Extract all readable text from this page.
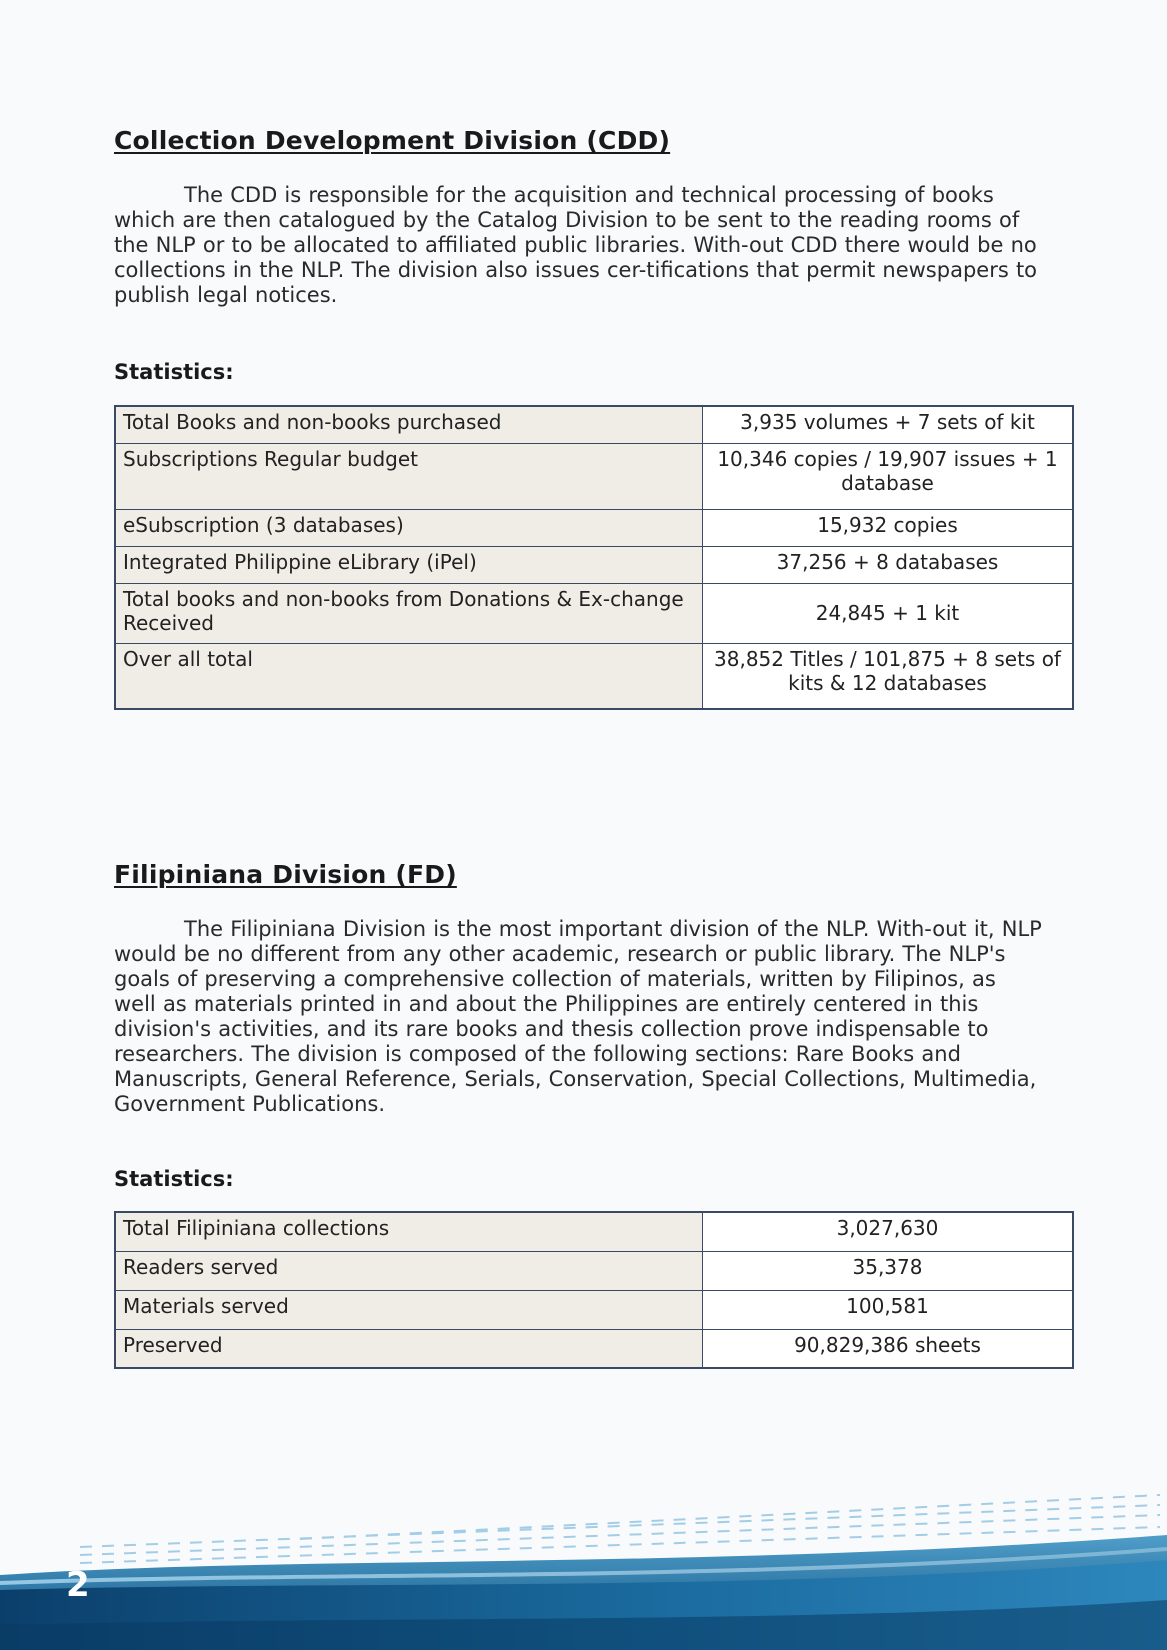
Collection Development Division (CDD)

The CDD is responsible for the acquisition and technical processing of books which are then catalogued by the Catalog Division to be sent to the reading rooms of the NLP or to be allocated to affiliated public libraries. With-out CDD there would be no collections in the NLP. The division also issues cer-tifications that permit newspapers to publish legal notices.

Statistics:
Total Books and non-books purchased	3,935 volumes + 7 sets of kit
Subscriptions Regular budget	10,346 copies / 19,907 issues + 1 database
eSubscription (3 databases)	15,932 copies
Integrated Philippine eLibrary (iPel)	37,256 + 8 databases
Total books and non-books from Donations & Ex-change Received	24,845 + 1 kit
Over all total	38,852 Titles / 101,875 + 8 sets of kits & 12 databases
Filipiniana Division (FD)

The Filipiniana Division is the most important division of the NLP. With-out it, NLP would be no different from any other academic, research or public library. The NLP's goals of preserving a comprehensive collection of materials, written by Filipinos, as well as materials printed in and about the Philippines are entirely centered in this division's activities, and its rare books and thesis collection prove indispensable to researchers. The division is composed of the following sections: Rare Books and Manuscripts, General Reference, Serials, Conservation, Special Collections, Multimedia, Government Publications.

Statistics:
Total Filipiniana collections	3,027,630
Readers served	35,378
Materials served	100,581
Preserved	90,829,386 sheets
2
